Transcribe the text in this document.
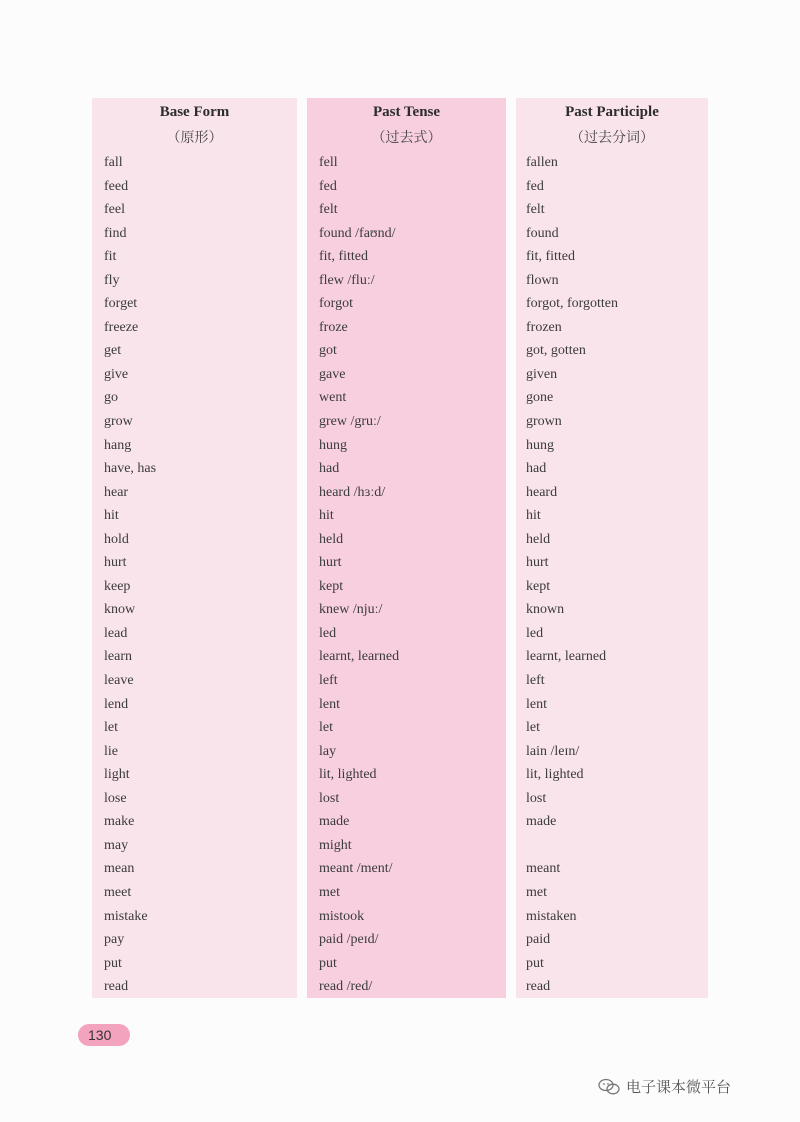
Base Form
（原形）
fall
feed
feel
find
fit
fly
forget
freeze
get
give
go
grow
hang
have, has
hear
hit
hold
hurt
keep
know
lead
learn
leave
lend
let
lie
light
lose
make
may
mean
meet
mistake
pay
put
read
Past Tense
（过去式）
fell
fed
felt
found /faʊnd/
fit, fitted
flew /fluː/
forgot
froze
got
gave
went
grew /gruː/
hung
had
heard /hɜːd/
hit
held
hurt
kept
knew /njuː/
led
learnt, learned
left
lent
let
lay
lit, lighted
lost
made
might
meant /ment/
met
mistook
paid /peɪd/
put
read /red/
Past Participle
（过去分词）
fallen
fed
felt
found
fit, fitted
flown
forgot, forgotten
frozen
got, gotten
given
gone
grown
hung
had
heard
hit
held
hurt
kept
known
led
learnt, learned
left
lent
let
lain /leɪn/
lit, lighted
lost
made
meant
met
mistaken
paid
put
read
130
电子课本微平台
